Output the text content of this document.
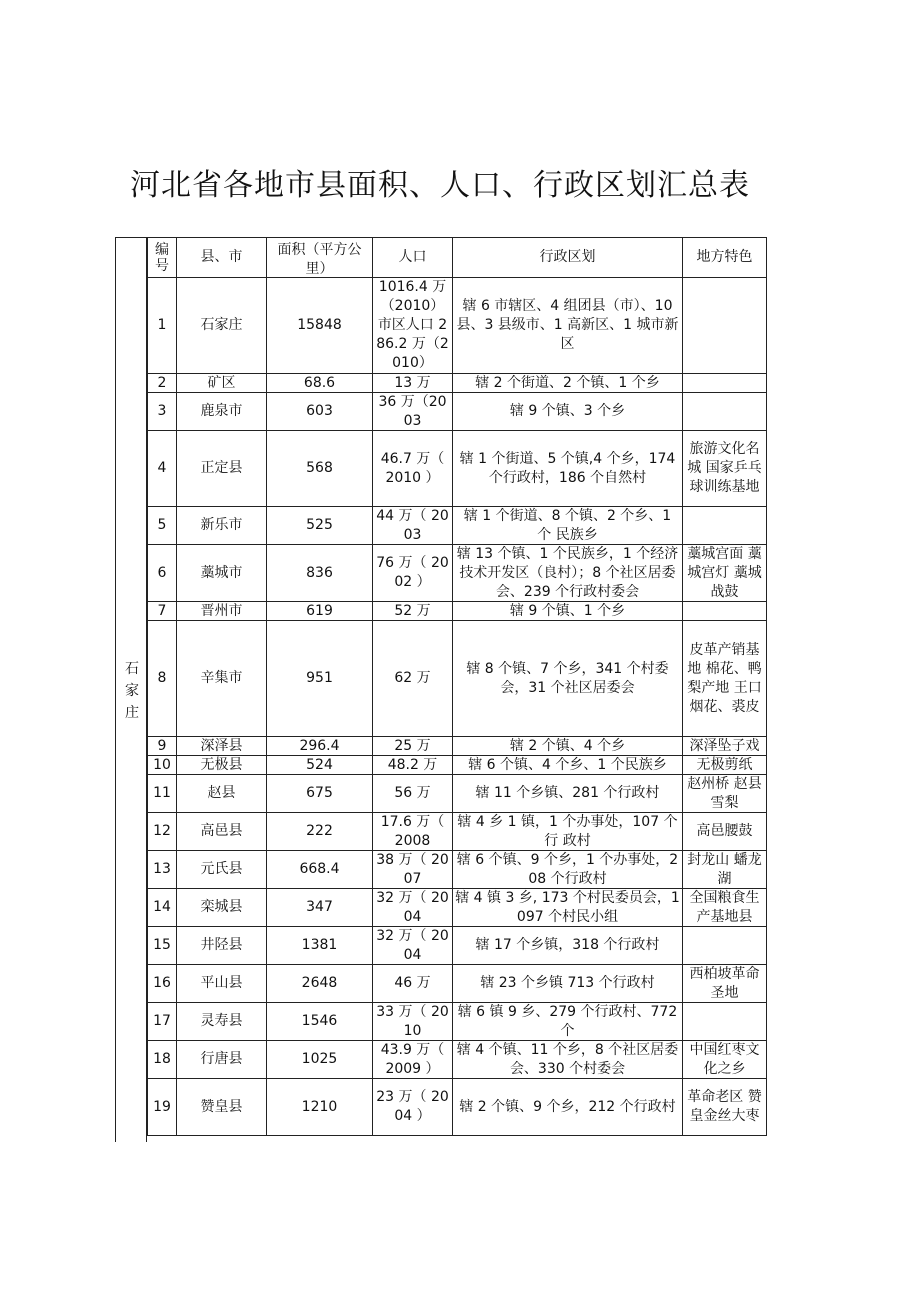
河北省各地市县面积、人口、行政区划汇总表
石
家
庄
编号	县、市	面积（平方公里）	人口	行政区划	地方特色

1	石家庄	15848	1016.4 万（2010）市区人口 286.2 万（2010）	辖 6 市辖区、4 组团县（市）、10 县、3 县级市、1 高新区、1 城市新区	

2	矿区	68.6	13 万	辖 2 个街道、2 个镇、1 个乡	

3	鹿泉市	603	36 万（2003	辖 9 个镇、3 个乡	

4	正定县	568	46.7 万（ 2010 ）	辖 1 个街道、5 个镇,4 个乡，174 个行政村，186 个自然村	旅游文化名城 国家乒乓球训练基地

5	新乐市	525	44 万（ 2003	辖 1 个街道、8 个镇、2 个乡、1 个 民族乡	

6	藁城市	836	76 万（ 2002 ）	辖 13 个镇、1 个民族乡，1 个经济技术开发区（良村）；8 个社区居委会、239 个行政村委会	藁城宫面 藁城宫灯 藁城战鼓

7	晋州市	619	52 万	辖 9 个镇、1 个乡	

8	辛集市	951	62 万	辖 8 个镇、7 个乡，341 个村委会，31 个社区居委会	皮革产销基地 棉花、鸭梨产地 王口烟花、裘皮

9	深泽县	296.4	25 万	辖 2 个镇、4 个乡	深泽坠子戏

10	无极县	524	48.2 万	辖 6 个镇、4 个乡、1 个民族乡	无极剪纸

11	赵县	675	56 万	辖 11 个乡镇、281 个行政村	赵州桥 赵县雪梨

12	高邑县	222	17.6 万（ 2008	辖 4 乡 1 镇，1 个办事处，107 个行 政村	高邑腰鼓

13	元氏县	668.4	38 万（ 2007	辖 6 个镇、9 个乡，1 个办事处，208 个行政村	封龙山 蟠龙湖

14	栾城县	347	32 万（ 2004	辖 4 镇 3 乡, 173 个村民委员会，1097 个村民小组	全国粮食生产基地县

15	井陉县	1381	32 万（ 2004	辖 17 个乡镇，318 个行政村	

16	平山县	2648	46 万	辖 23 个乡镇 713 个行政村	西柏坡革命圣地

17	灵寿县	1546	33 万（ 2010	辖 6 镇 9 乡、279 个行政村、772 个	

18	行唐县	1025	43.9 万（ 2009 ）	辖 4 个镇、11 个乡，8 个社区居委会、330 个村委会	中国红枣文化之乡

19	赞皇县	1210	23 万（ 2004 ）	辖 2 个镇、9 个乡，212 个行政村	革命老区 赞皇金丝大枣
